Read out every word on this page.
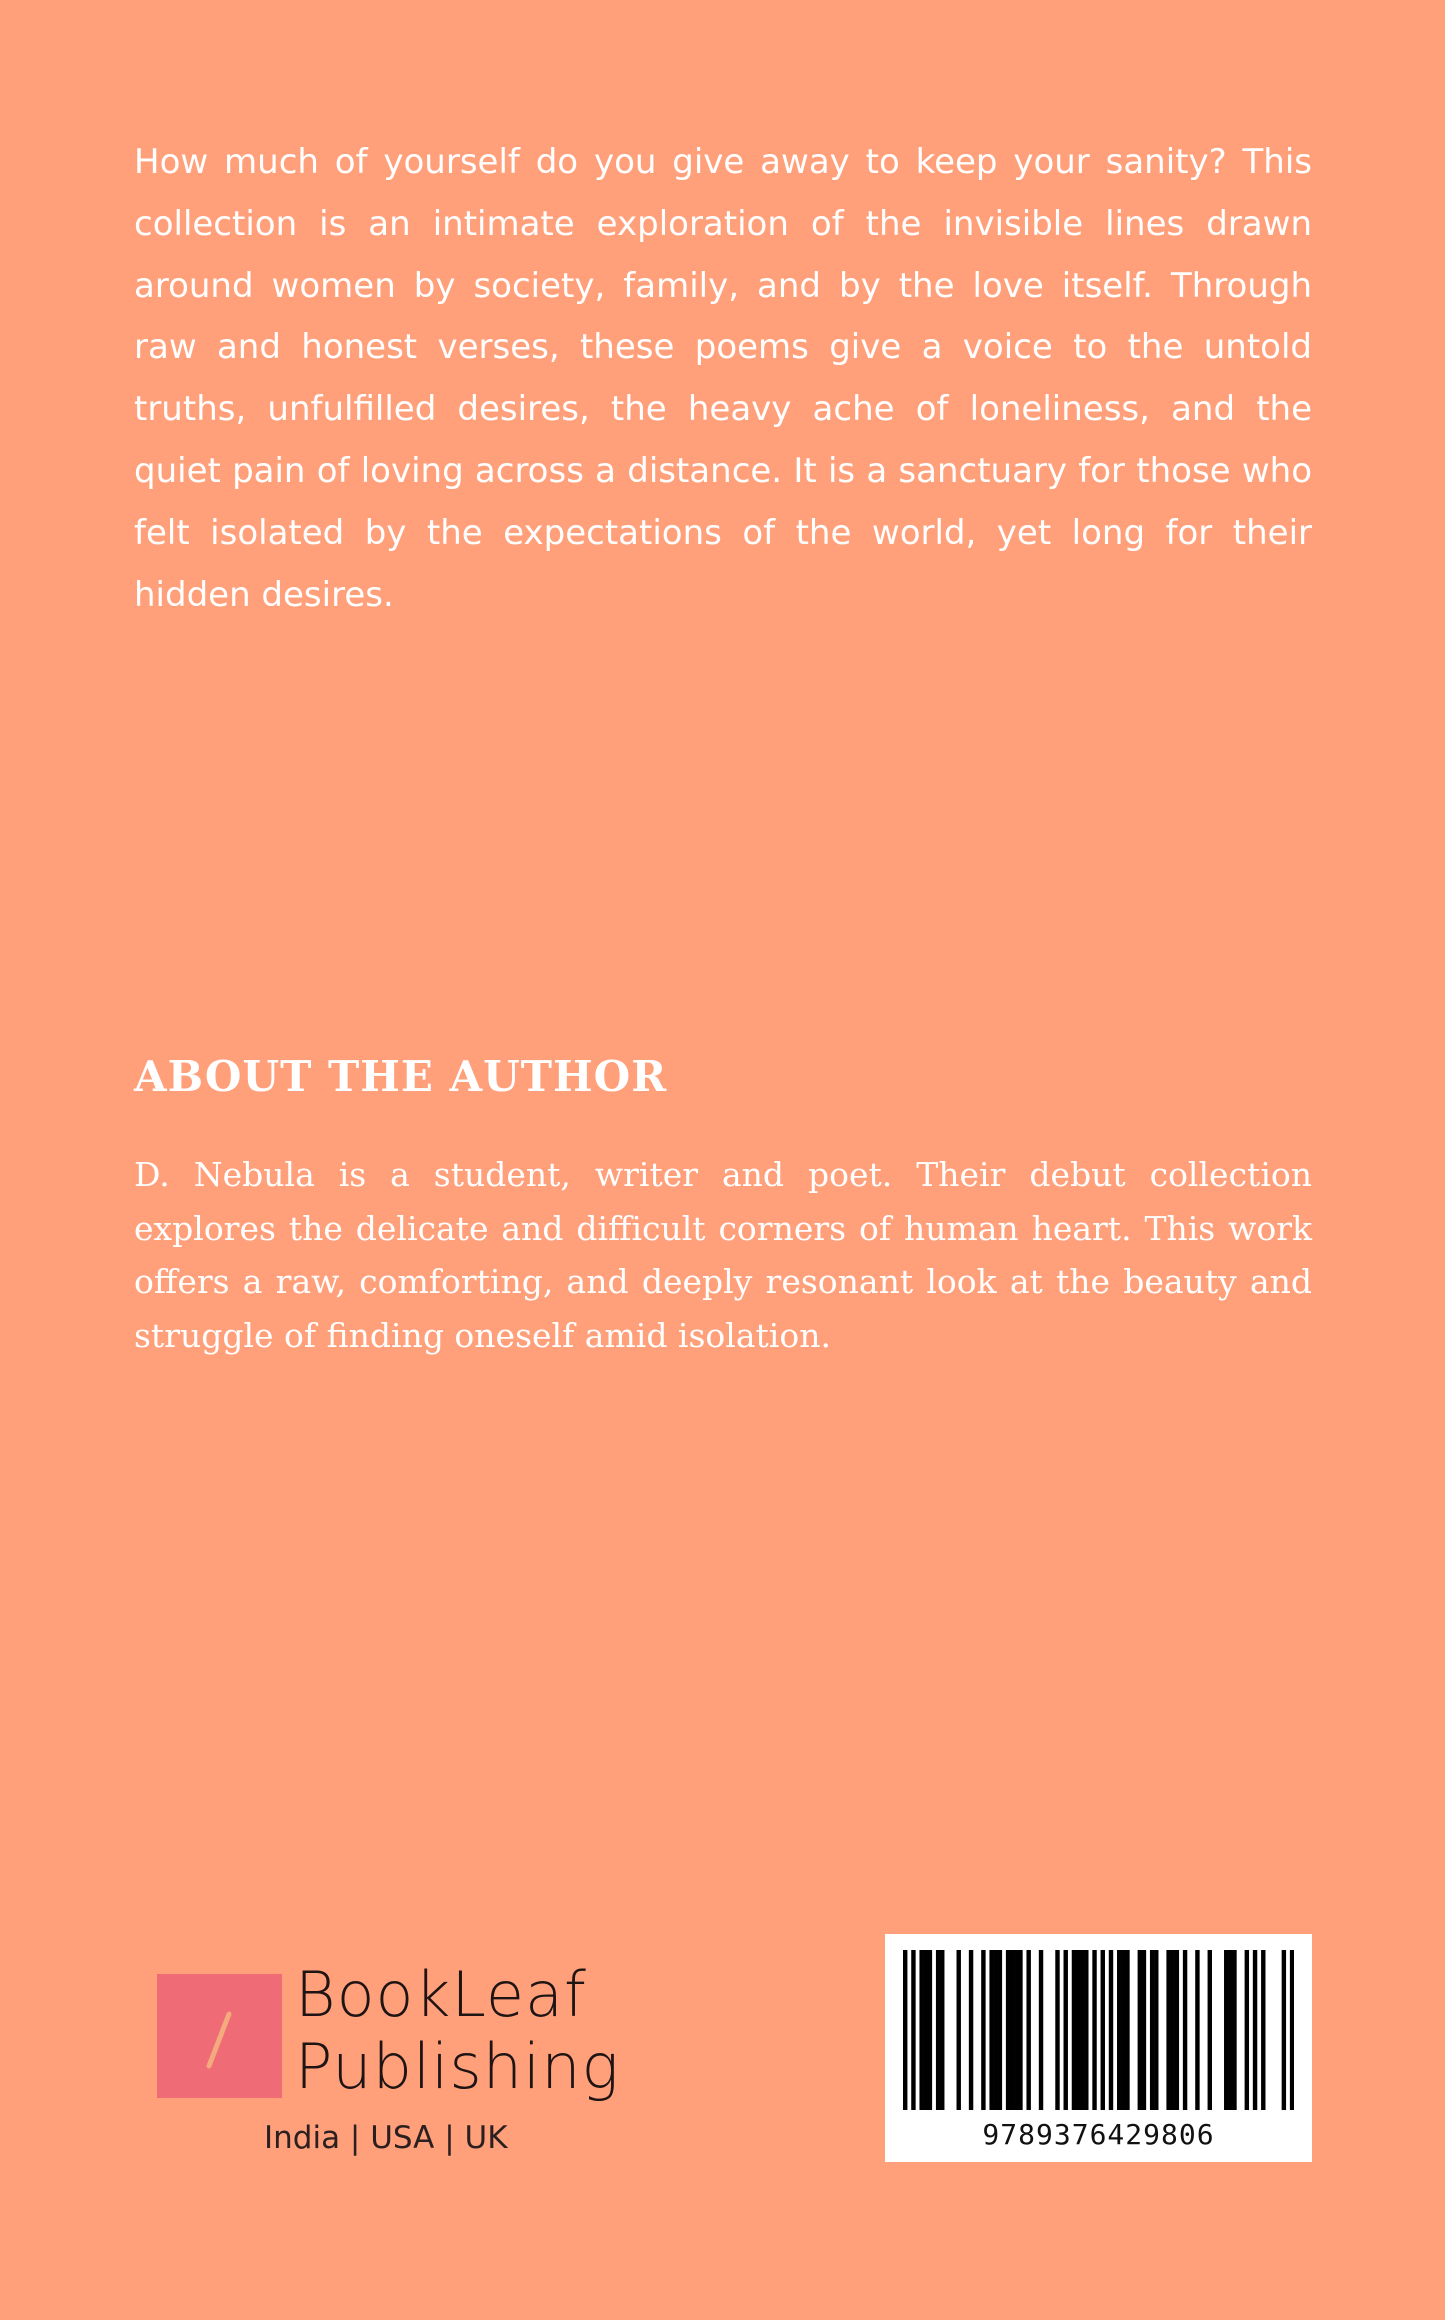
How much of yourself do you give away to keep your sanity? This collection is an intimate exploration of the invisible lines drawn around women by society, family, and by the love itself. Through raw and honest verses, these poems give a voice to the untold truths, unfulfilled desires, the heavy ache of loneliness, and the quiet pain of loving across a distance. It is a sanctuary for those who felt isolated by the expectations of the world, yet long for their hidden desires.

ABOUT THE AUTHOR

D. Nebula is a student, writer and poet. Their debut collection explores the delicate and difficult corners of human heart. This work offers a raw, comforting, and deeply resonant look at the beauty and struggle of finding oneself amid isolation.

BookLeaf
Publishing
India | USA | UK	9789376429806
